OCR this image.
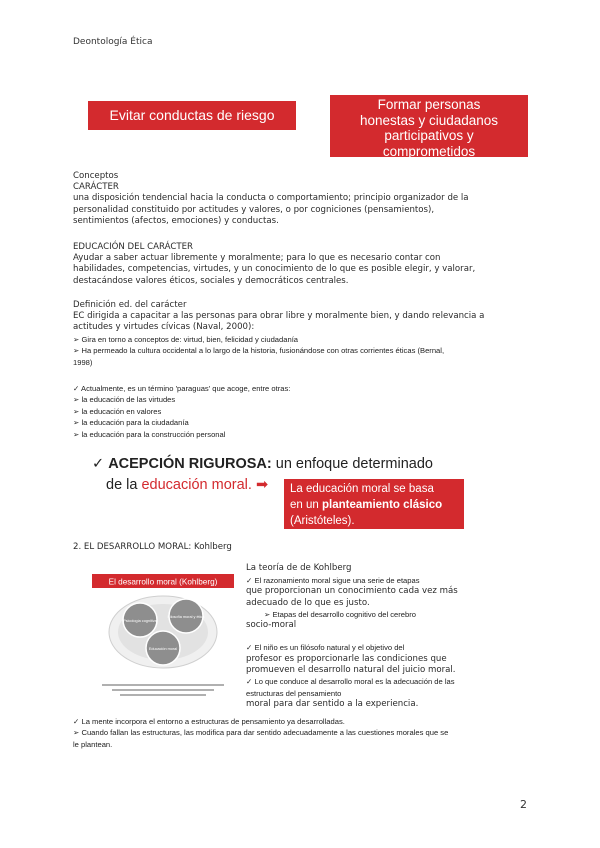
Deontología Ética
Evitar conductas de riesgo
Formar personas
honestas y ciudadanos
participativos y
comprometidos
Conceptos
CARÁCTER
una disposición tendencial hacia la conducta o comportamiento; principio organizador de la
personalidad constituido por actitudes y valores, o por cogniciones (pensamientos),
sentimientos (afectos, emociones) y conductas.
EDUCACIÓN DEL CARÁCTER
Ayudar a saber actuar libremente y moralmente; para lo que es necesario contar con
habilidades, competencias, virtudes, y un conocimiento de lo que es posible elegir, y valorar,
destacándose valores éticos, sociales y democráticos centrales.
Definición ed. del carácter
EC dirigida a capacitar a las personas para obrar libre y moralmente bien, y dando relevancia a
actitudes y virtudes cívicas (Naval, 2000):
➢ Gira en torno a conceptos de: virtud, bien, felicidad y ciudadanía
➢ Ha permeado la cultura occidental a lo largo de la historia, fusionándose con otras corrientes éticas (Bernal,
1998)
✓ Actualmente, es un término 'paraguas' que acoge, entre otras:
➢ la educación de las virtudes
➢ la educación en valores
➢ la educación para la ciudadanía
➢ la educación para la construcción personal
✓ ACEPCIÓN RIGUROSA: un enfoque determinado
de la educación moral. ➡	La educación moral se basa
en un planteamiento clásico
(Aristóteles).
2. EL DESARROLLO MORAL: Kohlberg
El desarrollo moral (Kohlberg)
Psicología cognitiva
Filosofía moral y ética
Educación moral
La teoría de de Kohlberg
✓ El razonamiento moral sigue una serie de etapas
que proporcionan un conocimiento cada vez más
adecuado de lo que es justo.
➢ Etapas del desarrollo cognitivo del cerebro
socio-moral
✓ El niño es un filósofo natural y el objetivo del
profesor es proporcionarle las condiciones que
promueven el desarrollo natural del juicio moral.
✓ Lo que conduce al desarrollo moral es la adecuación de las
estructuras del pensamiento
moral para dar sentido a la experiencia.
✓ La mente incorpora el entorno a estructuras de pensamiento ya desarrolladas.
➢ Cuando fallan las estructuras, las modifica para dar sentido adecuadamente a las cuestiones morales que se
le plantean.
2
